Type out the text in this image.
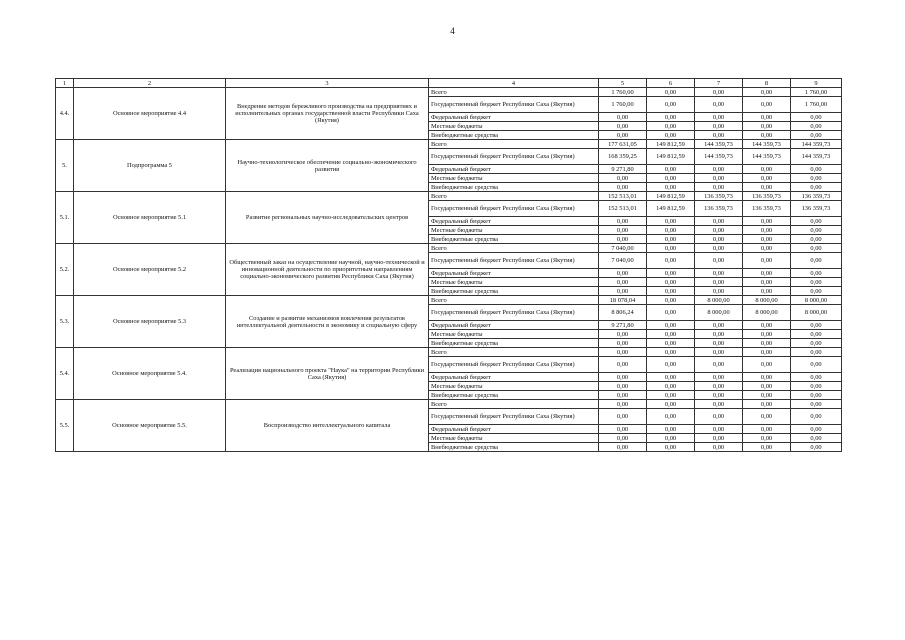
4
1	2	3	4	5	6	7	8	9
4.4.	Основное мероприятие 4.4	Внедрение методов бережливого производства на предприятиях и исполнительных органах государственной власти Республики Саха (Якутия)	Всего	1 760,00	0,00	0,00	0,00	1 760,00
			Государственный бюджет Республики Саха (Якутия)	1 760,00	0,00	0,00	0,00	1 760,00
			Федеральный бюджет	0,00	0,00	0,00	0,00	0,00
			Местные бюджеты	0,00	0,00	0,00	0,00	0,00
			Внебюджетные средства	0,00	0,00	0,00	0,00	0,00
5.	Подпрограмма 5	Научно-технологическое обеспечение социально-экономического развития	Всего	177 631,05	149 812,59	144 359,73	144 359,73	144 359,73
			Государственный бюджет Республики Саха (Якутия)	168 359,25	149 812,59	144 359,73	144 359,73	144 359,73
			Федеральный бюджет	9 271,80	0,00	0,00	0,00	0,00
			Местные бюджеты	0,00	0,00	0,00	0,00	0,00
			Внебюджетные средства	0,00	0,00	0,00	0,00	0,00
5.1.	Основное мероприятие 5.1	Развитие региональных научно-исследовательских центров	Всего	152 513,01	149 812,59	136 359,73	136 359,73	136 359,73
			Государственный бюджет Республики Саха (Якутия)	152 513,01	149 812,59	136 359,73	136 359,73	136 359,73
			Федеральный бюджет	0,00	0,00	0,00	0,00	0,00
			Местные бюджеты	0,00	0,00	0,00	0,00	0,00
			Внебюджетные средства	0,00	0,00	0,00	0,00	0,00
5.2.	Основное мероприятие 5.2	Общественный заказ на осуществление научной, научно-технической и инновационной деятельности по приоритетным направлениям социально-экономического развития Республики Саха (Якутия)	Всего	7 040,00	0,00	0,00	0,00	0,00
			Государственный бюджет Республики Саха (Якутия)	7 040,00	0,00	0,00	0,00	0,00
			Федеральный бюджет	0,00	0,00	0,00	0,00	0,00
			Местные бюджеты	0,00	0,00	0,00	0,00	0,00
			Внебюджетные средства	0,00	0,00	0,00	0,00	0,00
5.3.	Основное мероприятие 5.3	Создание и развитие механизмов вовлечения результатов интеллектуальной деятельности в экономику и социальную сферу	Всего	18 078,04	0,00	8 000,00	8 000,00	8 000,00
			Государственный бюджет Республики Саха (Якутия)	8 806,24	0,00	8 000,00	8 000,00	8 000,00
			Федеральный бюджет	9 271,80	0,00	0,00	0,00	0,00
			Местные бюджеты	0,00	0,00	0,00	0,00	0,00
			Внебюджетные средства	0,00	0,00	0,00	0,00	0,00
5.4.	Основное мероприятие 5.4.	Реализация национального проекта "Наука" на территории Республики Саха (Якутия)	Всего	0,00	0,00	0,00	0,00	0,00
			Государственный бюджет Республики Саха (Якутия)	0,00	0,00	0,00	0,00	0,00
			Федеральный бюджет	0,00	0,00	0,00	0,00	0,00
			Местные бюджеты	0,00	0,00	0,00	0,00	0,00
			Внебюджетные средства	0,00	0,00	0,00	0,00	0,00
5.5.	Основное мероприятие 5.5.	Воспроизводство интеллектуального капитала	Всего	0,00	0,00	0,00	0,00	0,00
			Государственный бюджет Республики Саха (Якутия)	0,00	0,00	0,00	0,00	0,00
			Федеральный бюджет	0,00	0,00	0,00	0,00	0,00
			Местные бюджеты	0,00	0,00	0,00	0,00	0,00
			Внебюджетные средства	0,00	0,00	0,00	0,00	0,00
